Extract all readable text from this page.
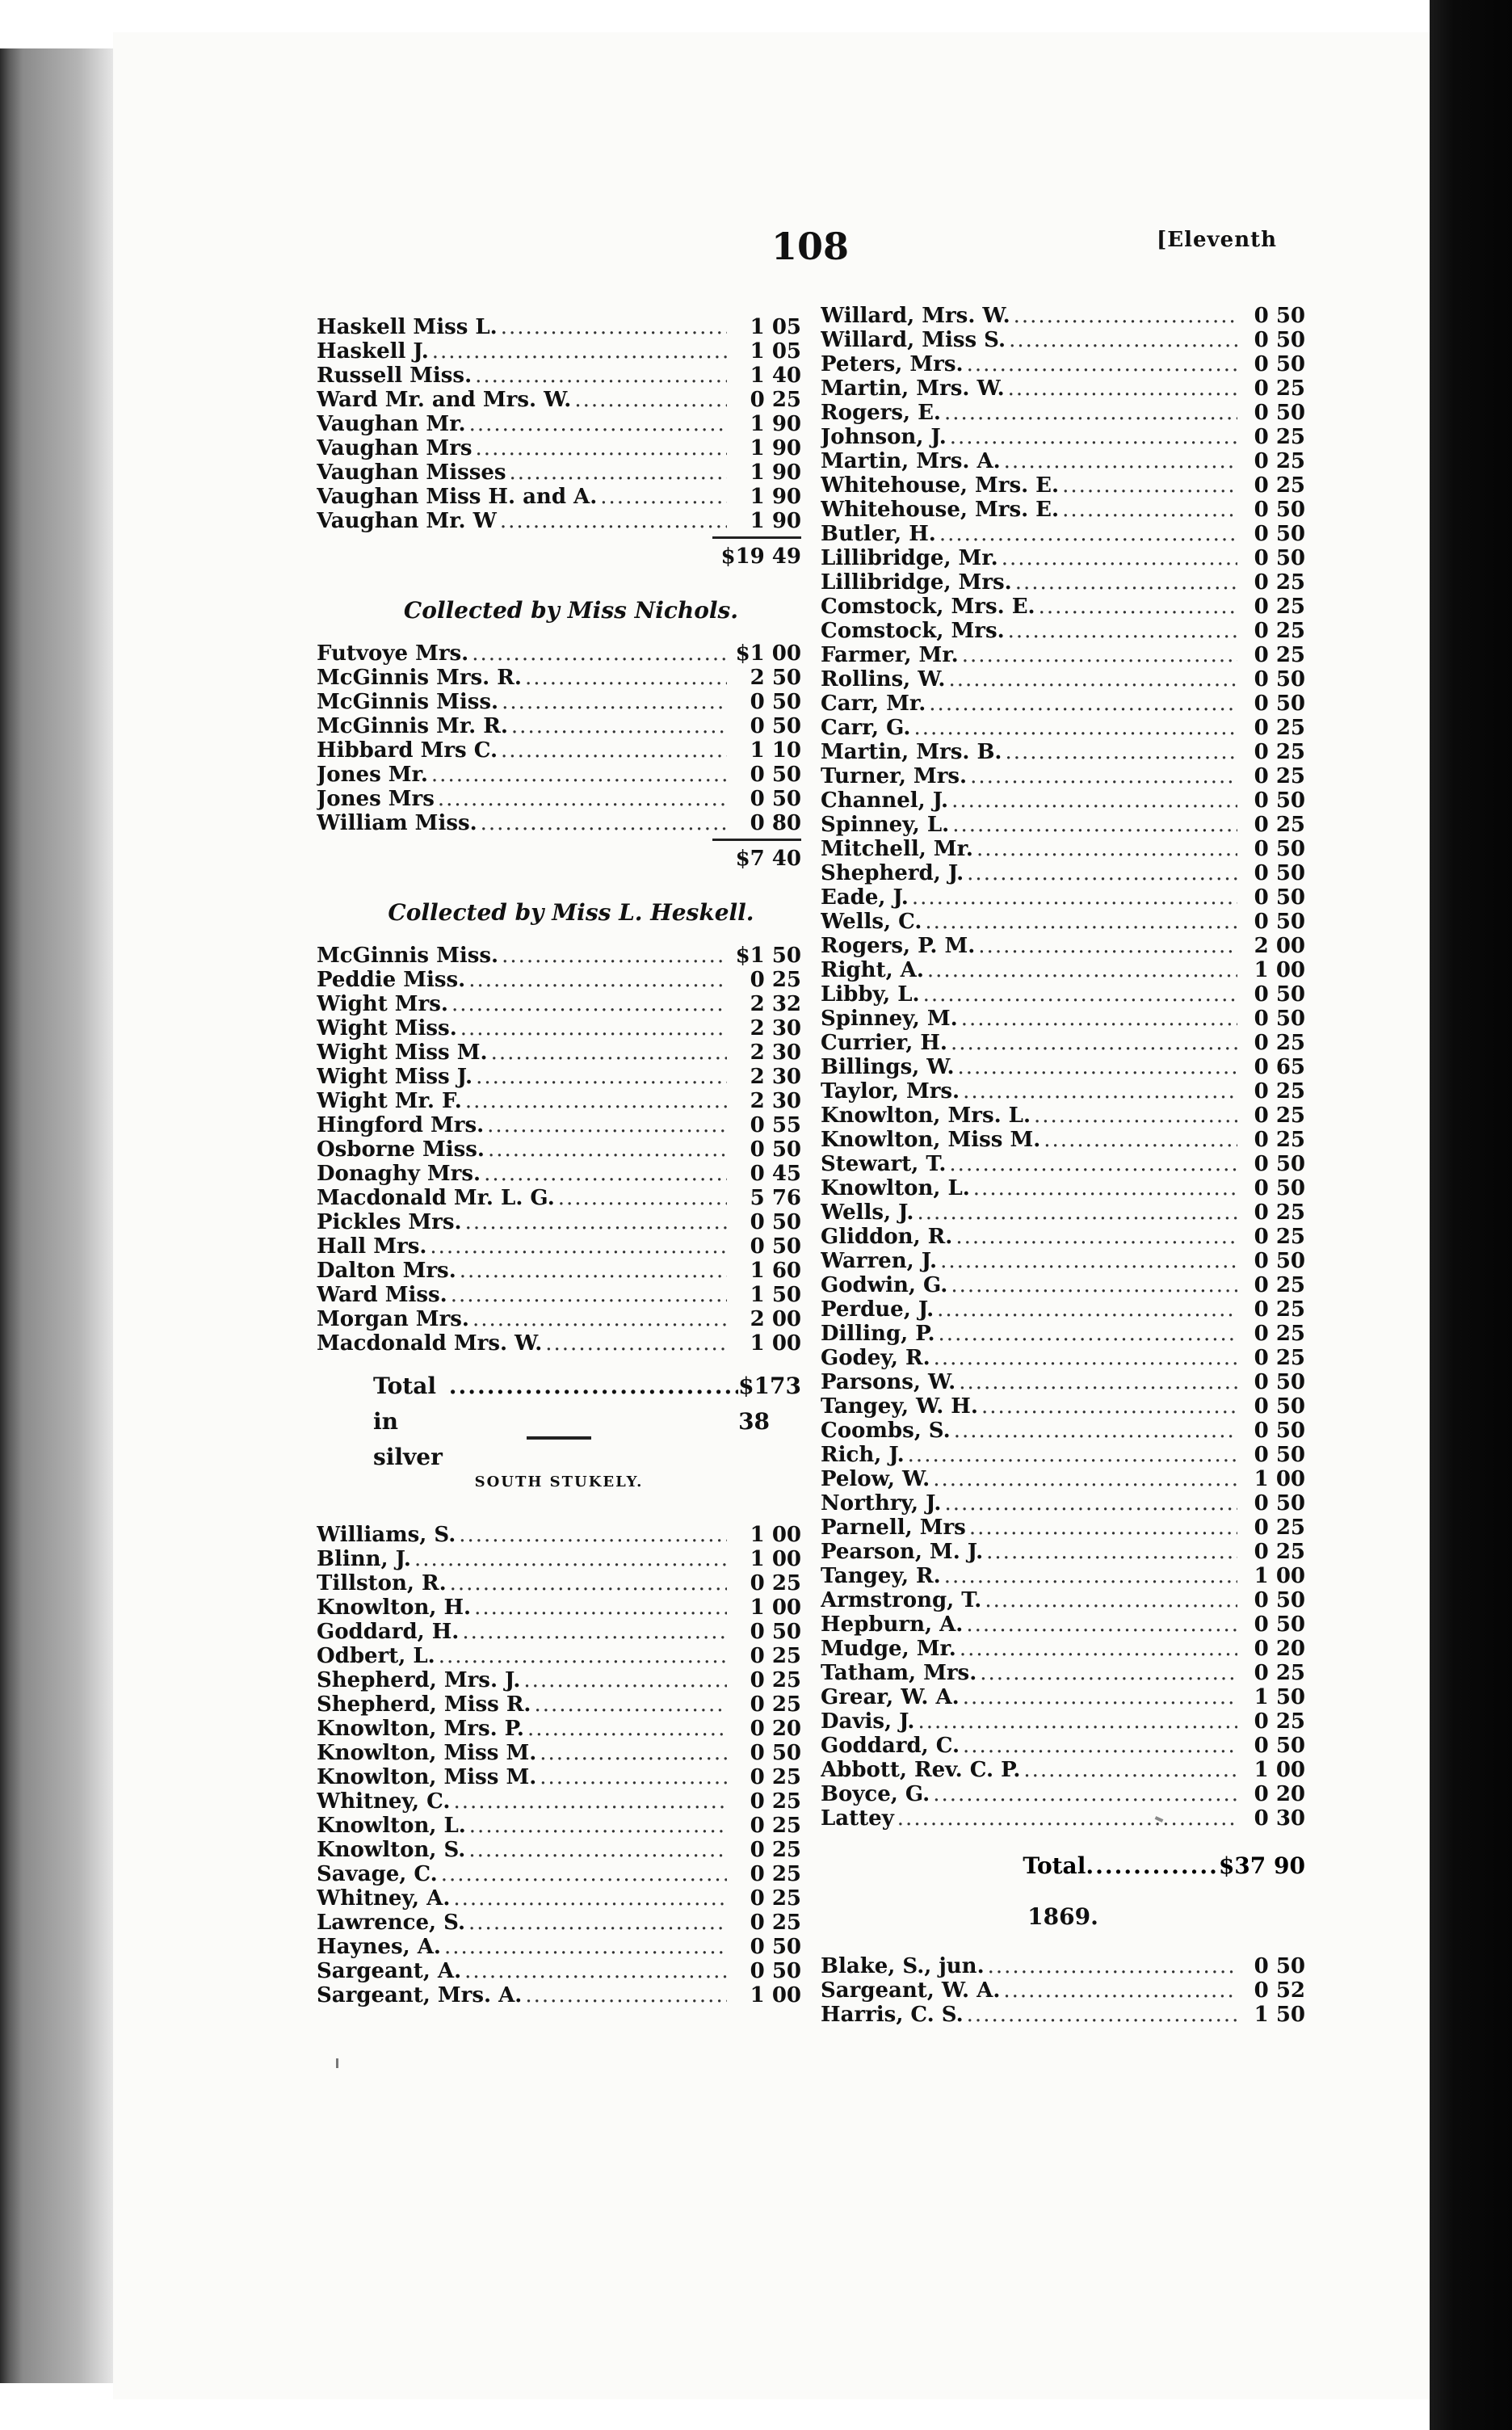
108	[Eleventh
Haskell Miss L. .....	1 05
Haskell J. .....	1 05
Russell Miss. .....	1 40
Ward Mr. and Mrs. W. .....	0 25
Vaughan Mr. .....	1 90
Vaughan Mrs .....	1 90
Vaughan Misses .....	1 90
Vaughan Miss H. and A. .....	1 90
Vaughan Mr. W .....	1 90
$19 49
Collected by Miss Nichols.
Futvoye Mrs. .....	$1 00
McGinnis Mrs. R. .....	2 50
McGinnis Miss. .....	0 50
McGinnis Mr. R. .....	0 50
Hibbard Mrs C. .....	1 10
Jones Mr. .....	0 50
Jones Mrs .....	0 50
William Miss. .....	0 80
$7 40
Collected by Miss L. Heskell.
McGinnis Miss. .....	$1 50
Peddie Miss. .....	0 25
Wight Mrs. .....	2 32
Wight Miss. .....	2 30
Wight Miss M. .....	2 30
Wight Miss J. .....	2 30
Wight Mr. F. .....	2 30
Hingford Mrs. .....	0 55
Osborne Miss. .....	0 50
Donaghy Mrs. .....	0 45
Macdonald Mr. L. G. .....	5 76
Pickles Mrs. .....	0 50
Hall Mrs. .....	0 50
Dalton Mrs. .....	1 60
Ward Miss. .....	1 50
Morgan Mrs. .....	2 00
Macdonald Mrs. W. .....	1 00
Total in silver
.....
$173 38
SOUTH STUKELY.
Williams, S. .....	1 00
Blinn, J. .....	1 00
Tillston, R. .....	0 25
Knowlton, H. .....	1 00
Goddard, H. .....	0 50
Odbert, L. .....	0 25
Shepherd, Mrs. J. .....	0 25
Shepherd, Miss R. .....	0 25
Knowlton, Mrs. P. .....	0 20
Knowlton, Miss M. .....	0 50
Knowlton, Miss M. .....	0 25
Whitney, C. .....	0 25
Knowlton, L. .....	0 25
Knowlton, S. .....	0 25
Savage, C. .....	0 25
Whitney, A. .....	0 25
Lawrence, S. .....	0 25
Haynes, A. .....	0 50
Sargeant, A. .....	0 50
Sargeant, Mrs. A. .....	1 00
Willard, Mrs. W. .....	0 50
Willard, Miss S. .....	0 50
Peters, Mrs. .....	0 50
Martin, Mrs. W. .....	0 25
Rogers, E. .....	0 50
Johnson, J. .....	0 25
Martin, Mrs. A. .....	0 25
Whitehouse, Mrs. E. .....	0 25
Whitehouse, Mrs. E. .....	0 50
Butler, H. .....	0 50
Lillibridge, Mr. .....	0 50
Lillibridge, Mrs. .....	0 25
Comstock, Mrs. E. .....	0 25
Comstock, Mrs. .....	0 25
Farmer, Mr. .....	0 25
Rollins, W. .....	0 50
Carr, Mr. .....	0 50
Carr, G. .....	0 25
Martin, Mrs. B. .....	0 25
Turner, Mrs. .....	0 25
Channel, J. .....	0 50
Spinney, L. .....	0 25
Mitchell, Mr. .....	0 50
Shepherd, J. .....	0 50
Eade, J. .....	0 50
Wells, C. .....	0 50
Rogers, P. M. .....	2 00
Right, A. .....	1 00
Libby, L. .....	0 50
Spinney, M. .....	0 50
Currier, H. .....	0 25
Billings, W. .....	0 65
Taylor, Mrs. .....	0 25
Knowlton, Mrs. L. .....	0 25
Knowlton, Miss M. .....	0 25
Stewart, T. .....	0 50
Knowlton, L. .....	0 50
Wells, J. .....	0 25
Gliddon, R. .....	0 25
Warren, J. .....	0 50
Godwin, G. .....	0 25
Perdue, J. .....	0 25
Dilling, P. .....	0 25
Godey, R. .....	0 25
Parsons, W. .....	0 50
Tangey, W. H. .....	0 50
Coombs, S. .....	0 50
Rich, J. .....	0 50
Pelow, W. .....	1 00
Northry, J. .....	0 50
Parnell, Mrs .....	0 25
Pearson, M. J. .....	0 25
Tangey, R. .....	1 00
Armstrong, T. .....	0 50
Hepburn, A. .....	0 50
Mudge, Mr. .....	0 20
Tatham, Mrs. .....	0 25
Grear, W. A. .....	1 50
Davis, J. .....	0 25
Goddard, C. .....	0 50
Abbott, Rev. C. P. .....	1 00
Boyce, G. .....	0 20
Lattey .....	0 30
Total .....	$37 90
1869.
Blake, S., jun. .....	0 50
Sargeant, W. A. .....	0 52
Harris, C. S. .....	1 50
